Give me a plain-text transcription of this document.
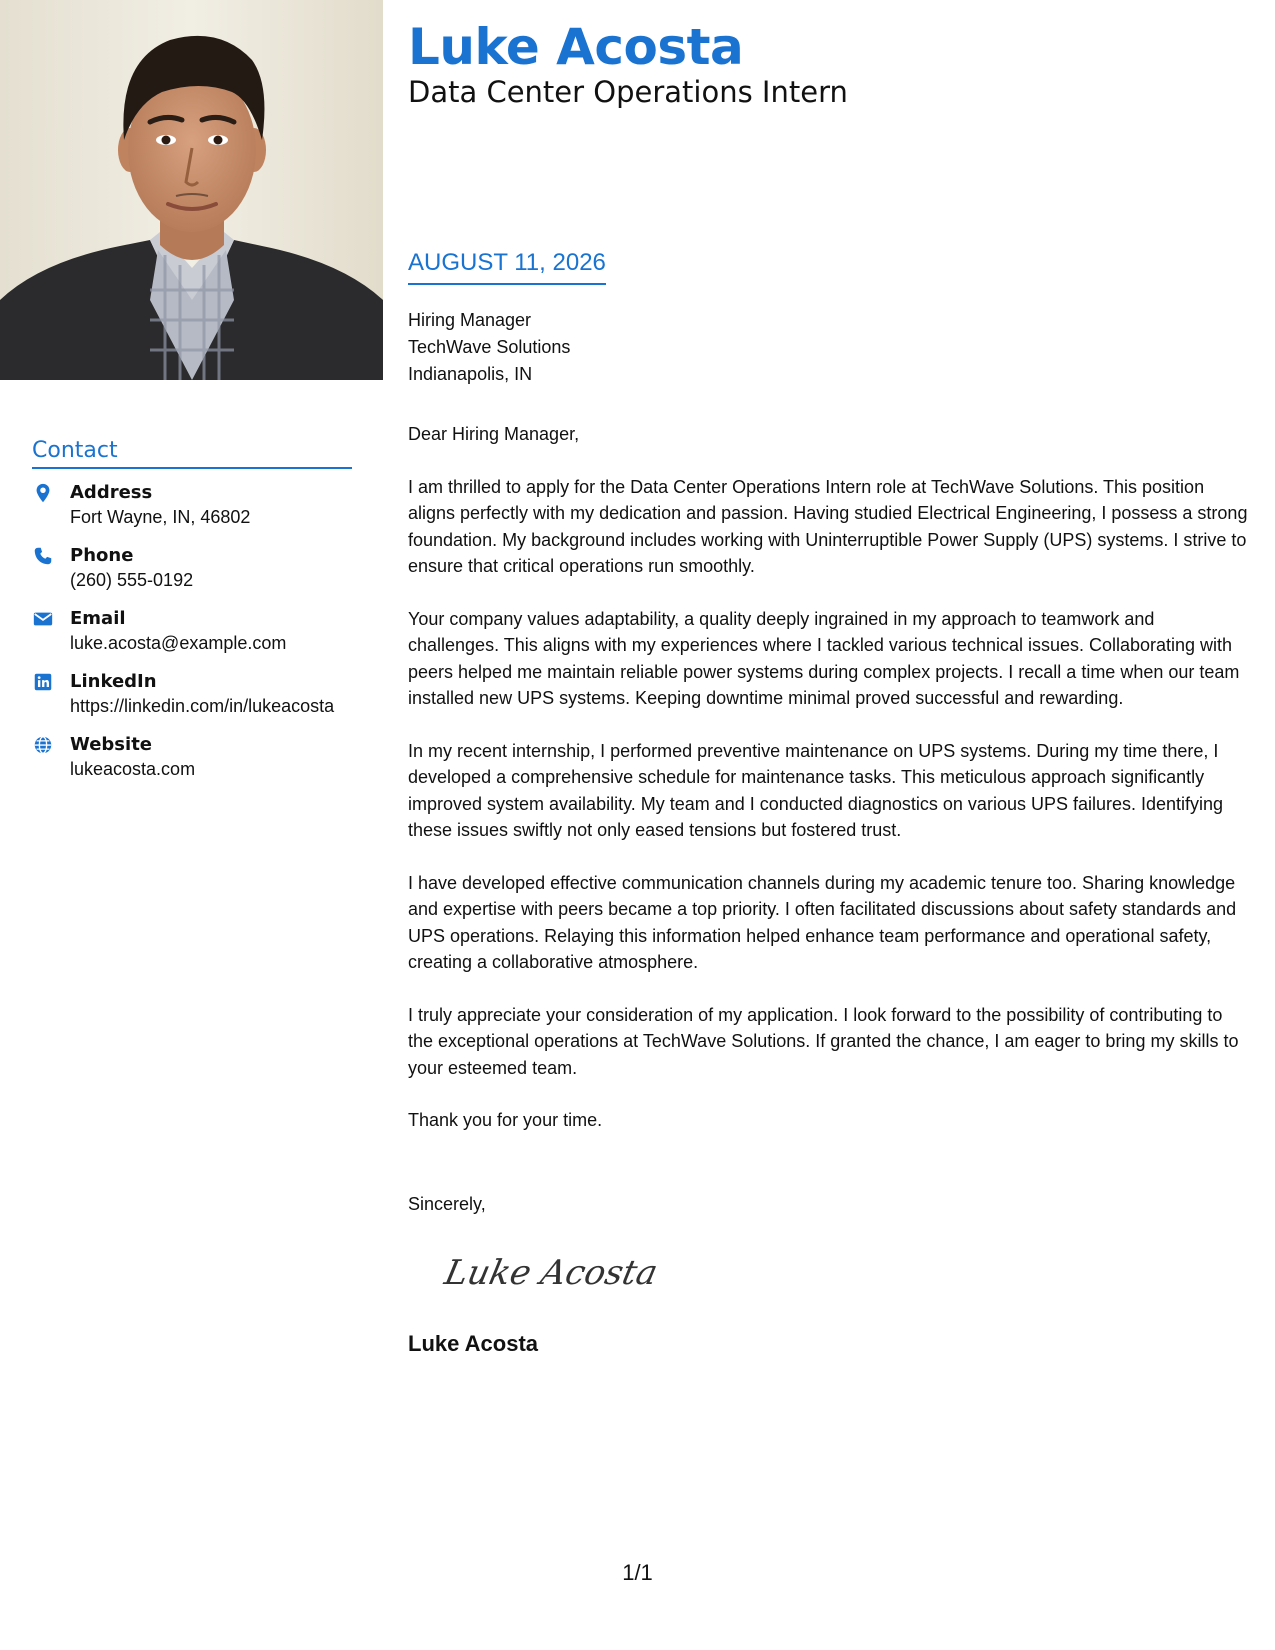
Contact
Address
Fort Wayne, IN, 46802
Phone
(260) 555-0192
Email
luke.acosta@example.com
LinkedIn
https://linkedin.com/in/lukeacosta
Website
lukeacosta.com
Luke Acosta
Data Center Operations Intern
AUGUST 11, 2026
Hiring Manager
TechWave Solutions
Indianapolis, IN

Dear Hiring Manager,

I am thrilled to apply for the Data Center Operations Intern role at TechWave Solutions. This position aligns perfectly with my dedication and passion. Having studied Electrical Engineering, I possess a strong foundation. My background includes working with Uninterruptible Power Supply (UPS) systems. I strive to ensure that critical operations run smoothly.

Your company values adaptability, a quality deeply ingrained in my approach to teamwork and challenges. This aligns with my experiences where I tackled various technical issues. Collaborating with peers helped me maintain reliable power systems during complex projects. I recall a time when our team installed new UPS systems. Keeping downtime minimal proved successful and rewarding.

In my recent internship, I performed preventive maintenance on UPS systems. During my time there, I developed a comprehensive schedule for maintenance tasks. This meticulous approach significantly improved system availability. My team and I conducted diagnostics on various UPS failures. Identifying these issues swiftly not only eased tensions but fostered trust.

I have developed effective communication channels during my academic tenure too. Sharing knowledge and expertise with peers became a top priority. I often facilitated discussions about safety standards and UPS operations. Relaying this information helped enhance team performance and operational safety, creating a collaborative atmosphere.

I truly appreciate your consideration of my application. I look forward to the possibility of contributing to the exceptional operations at TechWave Solutions. If granted the chance, I am eager to bring my skills to your esteemed team.

Thank you for your time.

Sincerely,
Luke Acosta
Luke Acosta
1/1
